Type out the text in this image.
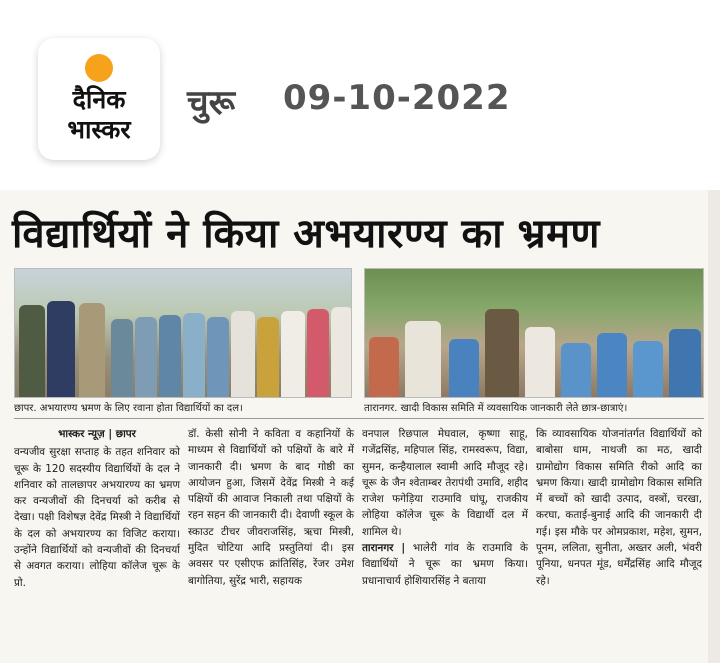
दैनिक
भास्कर
चुरू 09-10-2022
विद्यार्थियों ने किया अभयारण्य का भ्रमण
छापर. अभयारण्य भ्रमण के लिए रवाना होता विद्यार्थियों का दल।	तारानगर. खादी विकास समिति में व्यवसायिक जानकारी लेते छात्र-छात्राएं।
भास्कर न्यूज़ | छापर

वन्यजीव सुरक्षा सप्ताह के तहत शनिवार को चूरू के 120 सदस्यीय विद्यार्थियों के दल ने शनिवार को तालछापर अभयारण्य का भ्रमण कर वन्यजीवों की दिनचर्या को करीब से देखा। पक्षी विशेषज्ञ देवेंद्र मिस्त्री ने विद्यार्थियों के दल को अभयारण्य का विजिट कराया। उन्होंने विद्यार्थियों को वन्यजीवों की दिनचर्या से अवगत कराया। लोहिया कॉलेज चूरू के प्रो.

डॉ. केसी सोनी ने कविता व कहानियों के माध्यम से विद्यार्थियों को पक्षियों के बारे में जानकारी दी। भ्रमण के बाद गोष्ठी का आयोजन हुआ, जिसमें देवेंद्र मिस्त्री ने कई पक्षियों की आवाज निकाली तथा पक्षियों के रहन सहन की जानकारी दी। देवाणी स्कूल के स्काउट टीचर जीवराजसिंह, ऋचा मिस्त्री, मुदित चोटिया आदि प्रस्तुतियां दी। इस अवसर पर एसीएफ क्रांतिसिंह, रेंजर उमेश बागोतिया, सुरेंद्र भारी, सहायक

वनपाल रिछपाल मेघवाल, कृष्णा साहू, गजेंद्रसिंह, महिपाल सिंह, रामस्वरूप, विद्या, सुमन, कन्हैयालाल स्वामी आदि मौजूद रहे। चूरू के जैन श्वेताम्बर तेरापंथी उमावि, शहीद राजेश फगेड़िया राउमावि घांघू, राजकीय लोहिया कॉलेज चूरू के विद्यार्थी दल में शामिल थे।

तारानगर | भालेरी गांव के राउमावि के विद्यार्थियों ने चूरू का भ्रमण किया। प्रधानाचार्य होशियारसिंह ने बताया

कि व्यावसायिक योजनांतर्गत विद्यार्थियों को बाबोसा धाम, नाथजी का मठ, खादी ग्रामोद्योग विकास समिति रीको आदि का भ्रमण किया। खादी ग्रामोद्योग विकास समिति में बच्चों को खादी उत्पाद, वस्त्रों, चरखा, करघा, कताई-बुनाई आदि की जानकारी दी गई। इस मौके पर ओमप्रकाश, महेश, सुमन, पूनम, ललिता, सुनीता, अख्तर अली, भंवरी पूनिया, धनपत मूंड, धर्मेंद्रसिंह आदि मौजूद रहे।
